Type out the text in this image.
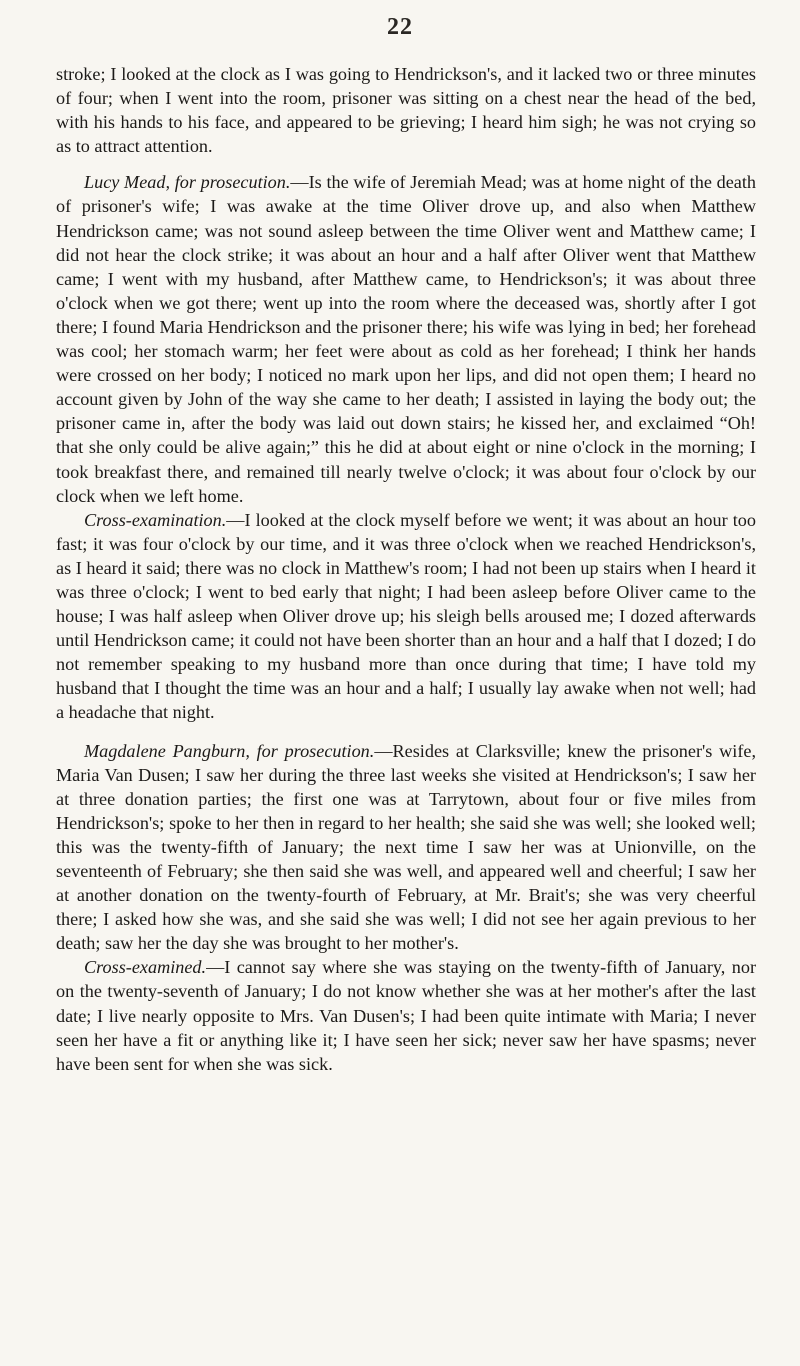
22

stroke; I looked at the clock as I was going to Hendrickson's, and it lacked two or three minutes of four; when I went into the room, prisoner was sitting on a chest near the head of the bed, with his hands to his face, and appeared to be grieving; I heard him sigh; he was not crying so as to attract attention.

Lucy Mead, for prosecution.—Is the wife of Jeremiah Mead; was at home night of the death of prisoner's wife; I was awake at the time Oliver drove up, and also when Matthew Hendrickson came; was not sound asleep between the time Oliver went and Matthew came; I did not hear the clock strike; it was about an hour and a half after Oliver went that Matthew came; I went with my husband, after Matthew came, to Hendrickson's; it was about three o'clock when we got there; went up into the room where the deceased was, shortly after I got there; I found Maria Hendrickson and the prisoner there; his wife was lying in bed; her forehead was cool; her stomach warm; her feet were about as cold as her forehead; I think her hands were crossed on her body; I noticed no mark upon her lips, and did not open them; I heard no account given by John of the way she came to her death; I assisted in laying the body out; the prisoner came in, after the body was laid out down stairs; he kissed her, and exclaimed “Oh! that she only could be alive again;” this he did at about eight or nine o'clock in the morning; I took breakfast there, and remained till nearly twelve o'clock; it was about four o'clock by our clock when we left home.

Cross-examination.—I looked at the clock myself before we went; it was about an hour too fast; it was four o'clock by our time, and it was three o'clock when we reached Hendrickson's, as I heard it said; there was no clock in Matthew's room; I had not been up stairs when I heard it was three o'clock; I went to bed early that night; I had been asleep before Oliver came to the house; I was half asleep when Oliver drove up; his sleigh bells aroused me; I dozed afterwards until Hendrickson came; it could not have been shorter than an hour and a half that I dozed; I do not remember speaking to my husband more than once during that time; I have told my husband that I thought the time was an hour and a half; I usually lay awake when not well; had a headache that night.

Magdalene Pangburn, for prosecution.—Resides at Clarksville; knew the prisoner's wife, Maria Van Dusen; I saw her during the three last weeks she visited at Hendrickson's; I saw her at three donation parties; the first one was at Tarrytown, about four or five miles from Hendrickson's; spoke to her then in regard to her health; she said she was well; she looked well; this was the twenty-fifth of January; the next time I saw her was at Unionville, on the seventeenth of February; she then said she was well, and appeared well and cheerful; I saw her at another donation on the twenty-fourth of February, at Mr. Brait's; she was very cheerful there; I asked how she was, and she said she was well; I did not see her again previous to her death; saw her the day she was brought to her mother's.

Cross-examined.—I cannot say where she was staying on the twenty-fifth of January, nor on the twenty-seventh of January; I do not know whether she was at her mother's after the last date; I live nearly opposite to Mrs. Van Dusen's; I had been quite intimate with Maria; I never seen her have a fit or anything like it; I have seen her sick; never saw her have spasms; never have been sent for when she was sick.
